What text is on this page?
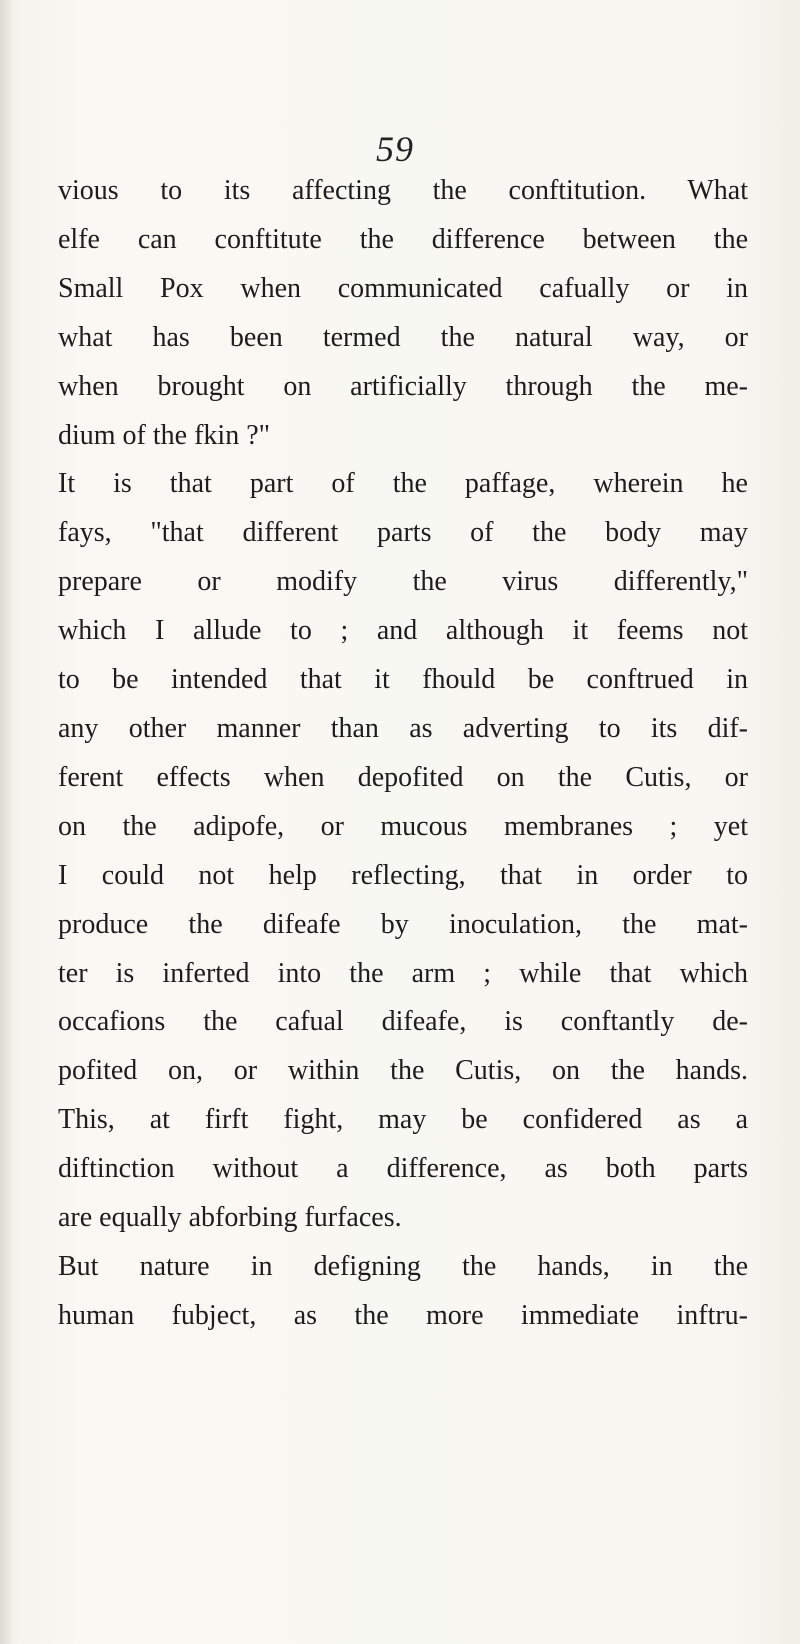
59
vious to its affecting the conftitution. What
elfe can conftitute the difference between the
Small Pox when communicated cafually or in
what has been termed the natural way, or
when brought on artificially through the me-
dium of the fkin ?"
It is that part of the paffage, wherein he
fays, "that different parts of the body may
prepare or modify the virus differently,"
which I allude to ; and although it feems not
to be intended that it fhould be conftrued in
any other manner than as adverting to its dif-
ferent effects when depofited on the Cutis, or
on the adipofe, or mucous membranes ; yet
I could not help reflecting, that in order to
produce the difeafe by inoculation, the mat-
ter is inferted into the arm ; while that which
occafions the cafual difeafe, is conftantly de-
pofited on, or within the Cutis, on the hands.
This, at firft fight, may be confidered as a
diftinction without a difference, as both parts
are equally abforbing furfaces.
But nature in defigning the hands, in the
human fubject, as the more immediate inftru-
